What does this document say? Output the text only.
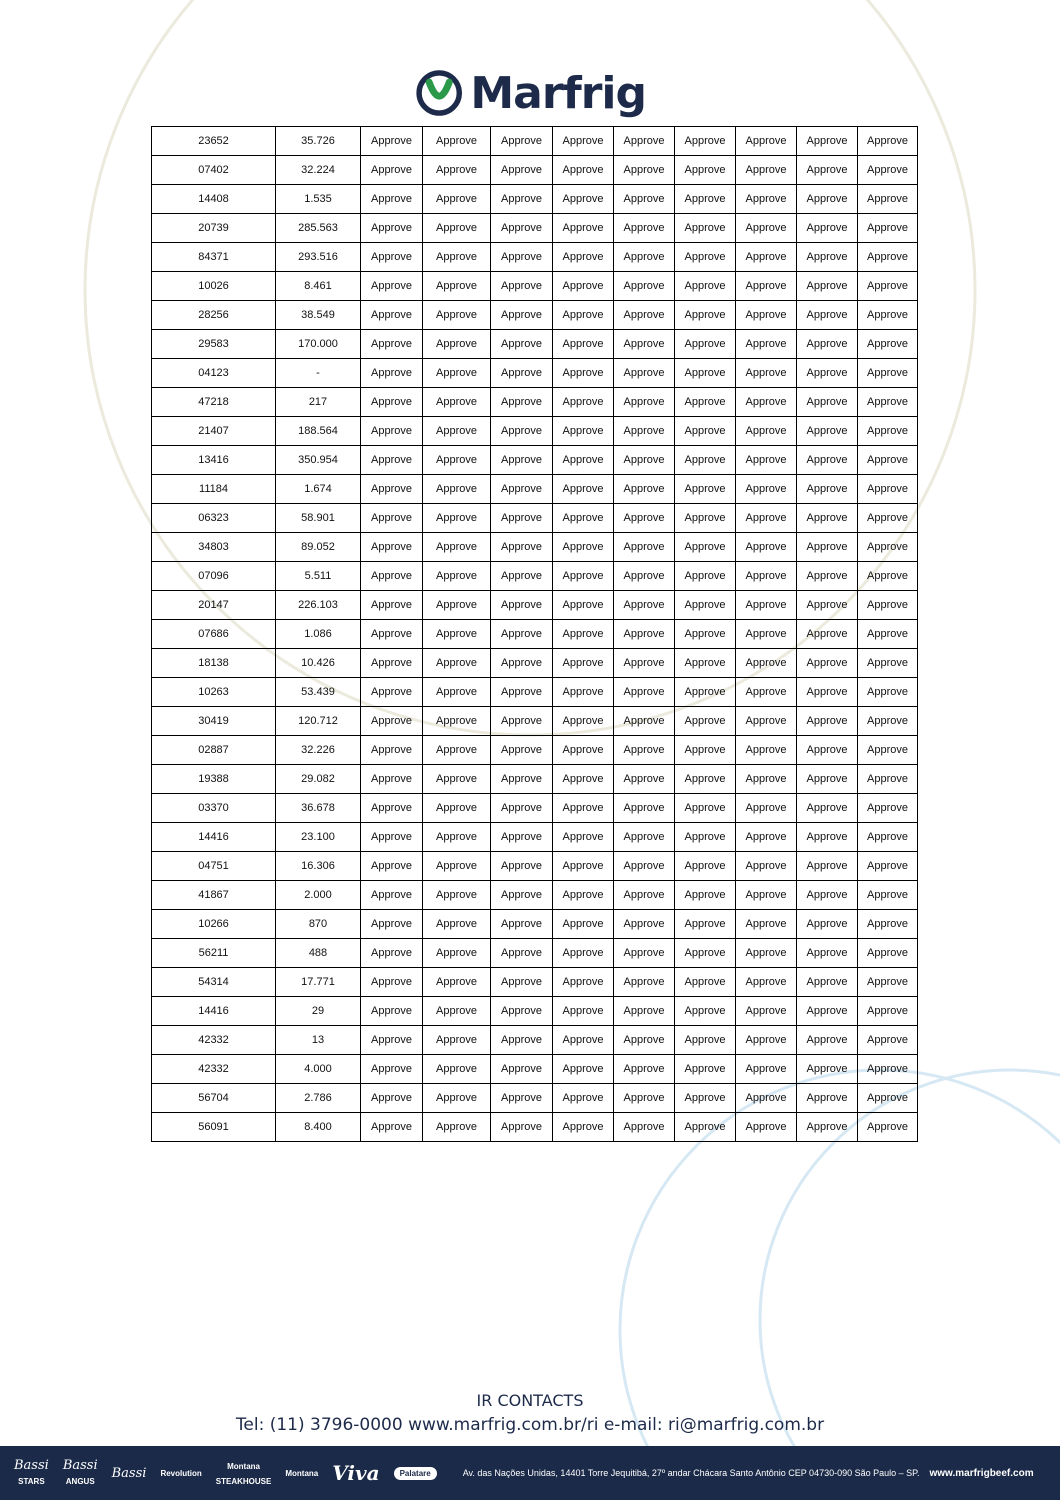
Marfrig
23652	35.726	Approve	Approve	Approve	Approve	Approve	Approve	Approve	Approve	Approve
07402	32.224	Approve	Approve	Approve	Approve	Approve	Approve	Approve	Approve	Approve
14408	1.535	Approve	Approve	Approve	Approve	Approve	Approve	Approve	Approve	Approve
20739	285.563	Approve	Approve	Approve	Approve	Approve	Approve	Approve	Approve	Approve
84371	293.516	Approve	Approve	Approve	Approve	Approve	Approve	Approve	Approve	Approve
10026	8.461	Approve	Approve	Approve	Approve	Approve	Approve	Approve	Approve	Approve
28256	38.549	Approve	Approve	Approve	Approve	Approve	Approve	Approve	Approve	Approve
29583	170.000	Approve	Approve	Approve	Approve	Approve	Approve	Approve	Approve	Approve
04123	-	Approve	Approve	Approve	Approve	Approve	Approve	Approve	Approve	Approve
47218	217	Approve	Approve	Approve	Approve	Approve	Approve	Approve	Approve	Approve
21407	188.564	Approve	Approve	Approve	Approve	Approve	Approve	Approve	Approve	Approve
13416	350.954	Approve	Approve	Approve	Approve	Approve	Approve	Approve	Approve	Approve
11184	1.674	Approve	Approve	Approve	Approve	Approve	Approve	Approve	Approve	Approve
06323	58.901	Approve	Approve	Approve	Approve	Approve	Approve	Approve	Approve	Approve
34803	89.052	Approve	Approve	Approve	Approve	Approve	Approve	Approve	Approve	Approve
07096	5.511	Approve	Approve	Approve	Approve	Approve	Approve	Approve	Approve	Approve
20147	226.103	Approve	Approve	Approve	Approve	Approve	Approve	Approve	Approve	Approve
07686	1.086	Approve	Approve	Approve	Approve	Approve	Approve	Approve	Approve	Approve
18138	10.426	Approve	Approve	Approve	Approve	Approve	Approve	Approve	Approve	Approve
10263	53.439	Approve	Approve	Approve	Approve	Approve	Approve	Approve	Approve	Approve
30419	120.712	Approve	Approve	Approve	Approve	Approve	Approve	Approve	Approve	Approve
02887	32.226	Approve	Approve	Approve	Approve	Approve	Approve	Approve	Approve	Approve
19388	29.082	Approve	Approve	Approve	Approve	Approve	Approve	Approve	Approve	Approve
03370	36.678	Approve	Approve	Approve	Approve	Approve	Approve	Approve	Approve	Approve
14416	23.100	Approve	Approve	Approve	Approve	Approve	Approve	Approve	Approve	Approve
04751	16.306	Approve	Approve	Approve	Approve	Approve	Approve	Approve	Approve	Approve
41867	2.000	Approve	Approve	Approve	Approve	Approve	Approve	Approve	Approve	Approve
10266	870	Approve	Approve	Approve	Approve	Approve	Approve	Approve	Approve	Approve
56211	488	Approve	Approve	Approve	Approve	Approve	Approve	Approve	Approve	Approve
54314	17.771	Approve	Approve	Approve	Approve	Approve	Approve	Approve	Approve	Approve
14416	29	Approve	Approve	Approve	Approve	Approve	Approve	Approve	Approve	Approve
42332	13	Approve	Approve	Approve	Approve	Approve	Approve	Approve	Approve	Approve
42332	4.000	Approve	Approve	Approve	Approve	Approve	Approve	Approve	Approve	Approve
56704	2.786	Approve	Approve	Approve	Approve	Approve	Approve	Approve	Approve	Approve
56091	8.400	Approve	Approve	Approve	Approve	Approve	Approve	Approve	Approve	Approve
IR CONTACTS
Tel: (11) 3796-0000 www.marfrig.com.br/ri e-mail: ri@marfrig.com.br
Bassi
STARS
Bassi
ANGUS
Bassi Revolution
Montana
STEAKHOUSE
Montana Viva	Palatare	Av. das Nações Unidas, 14401 Torre Jequitibá, 27º andar Chácara Santo Antônio CEP 04730-090 São Paulo – SP. www.marfrigbeef.com
